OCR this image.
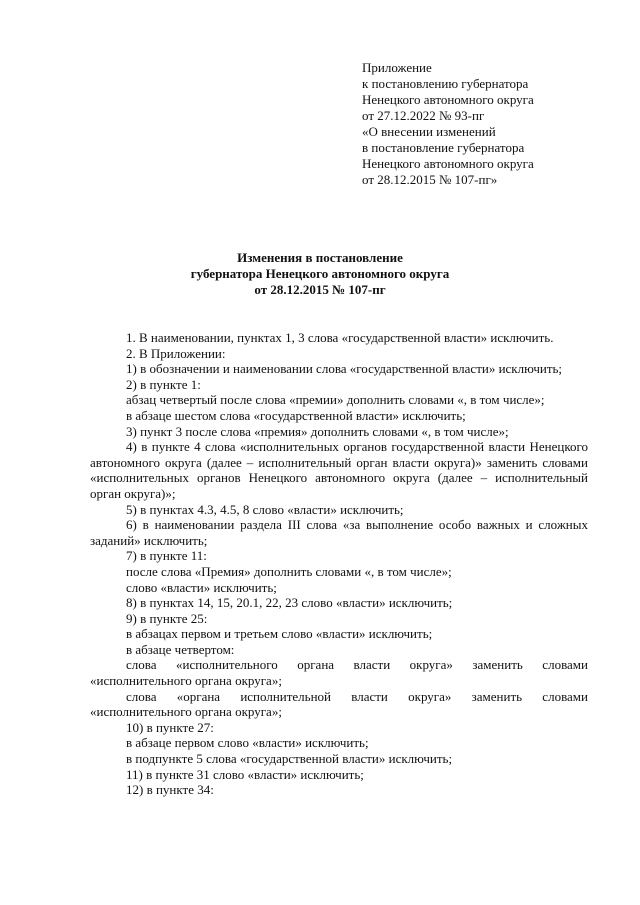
Приложение
к постановлению губернатора
Ненецкого автономного округа
от 27.12.2022 № 93-пг
«О внесении изменений
в постановление губернатора
Ненецкого автономного округа
от 28.12.2015 № 107-пг»
Изменения в постановление
губернатора Ненецкого автономного округа
от 28.12.2015 № 107-пг

1. В наименовании, пунктах 1, 3 слова «государственной власти» исключить.

2. В Приложении:

1) в обозначении и наименовании слова «государственной власти» исключить;

2) в пункте 1:

абзац четвертый после слова «премии» дополнить словами «, в том числе»;

в абзаце шестом слова «государственной власти» исключить;

3) пункт 3 после слова «премия» дополнить словами «, в том числе»;

4) в пункте 4 слова «исполнительных органов государственной власти Ненецкого автономного округа (далее – исполнительный орган власти округа)» заменить словами «исполнительных органов Ненецкого автономного округа (далее – исполнительный орган округа)»;

5) в пунктах 4.3, 4.5, 8 слово «власти» исключить;

6) в наименовании раздела III слова «за выполнение особо важных и сложных заданий» исключить;

7) в пункте 11:

после слова «Премия» дополнить словами «, в том числе»;

слово «власти» исключить;

8) в пунктах 14, 15, 20.1, 22, 23 слово «власти» исключить;

9) в пункте 25:

в абзацах первом и третьем слово «власти» исключить;

в абзаце четвертом:

слова «исполнительного органа власти округа» заменить словами «исполнительного органа округа»;

слова «органа исполнительной власти округа» заменить словами «исполнительного органа округа»;

10) в пункте 27:

в абзаце первом слово «власти» исключить;

в подпункте 5 слова «государственной власти» исключить;

11) в пункте 31 слово «власти» исключить;

12) в пункте 34:
